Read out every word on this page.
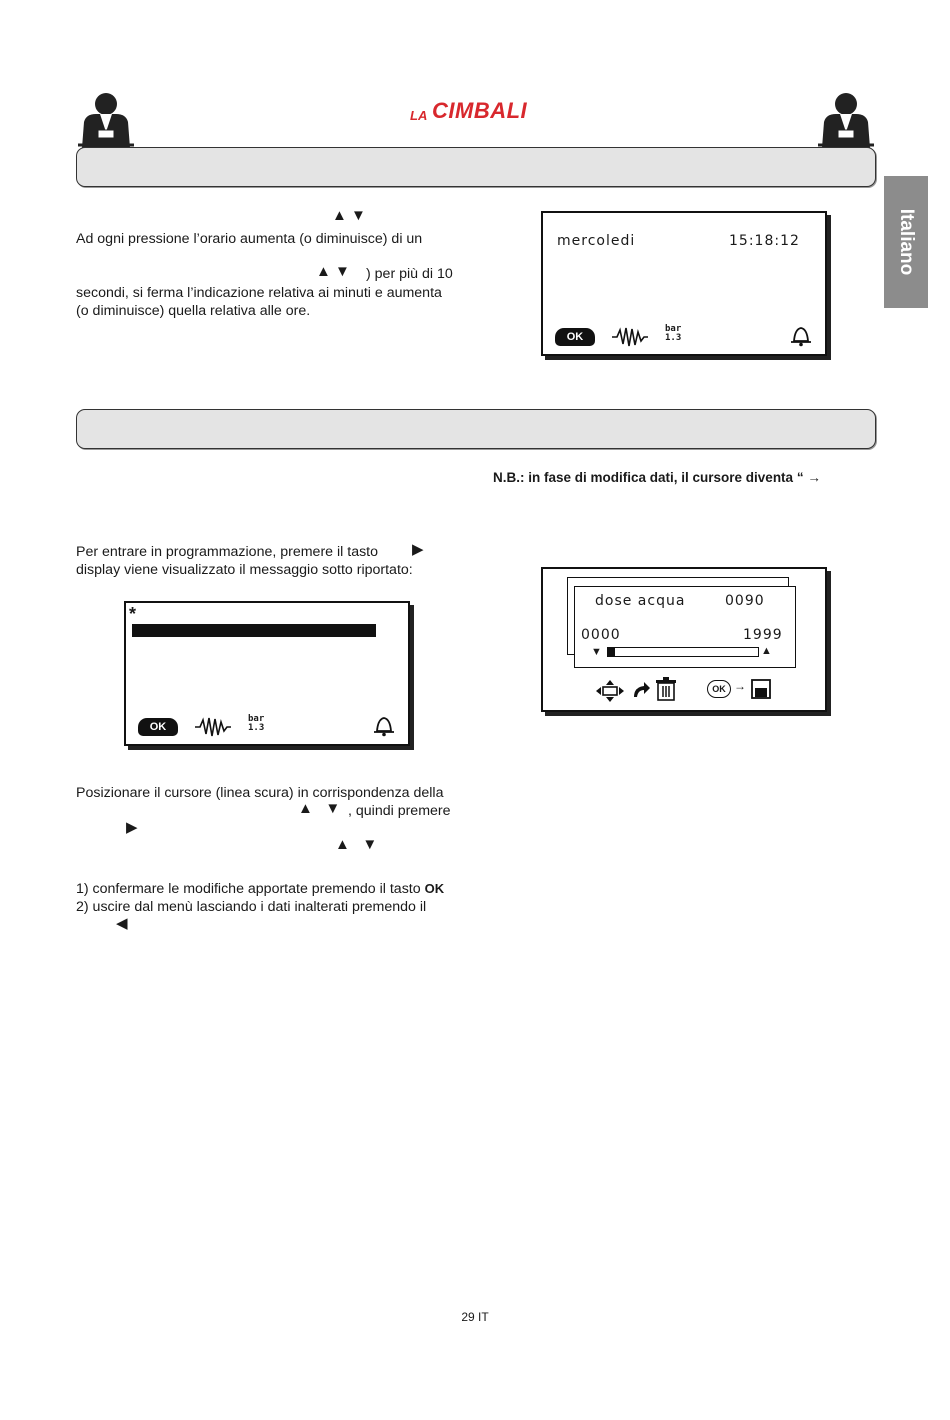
LA CIMBALI
Italiano
▲ ▼
Ad ogni pressione l’orario aumenta (o diminuisce) di un
▲ ▼ ) per più di 10
secondi, si ferma l’indicazione relativa ai minuti e aumenta
(o diminuisce) quella relativa alle ore.
mercoledi	15:18:12
OK
bar
1.3
N.B.: in fase di modifica dati, il cursore diventa “ →
Per entrare in programmazione, premere il tasto ▶
display viene visualizzato il messaggio sotto riportato:
*
OK
bar
1.3
dose acqua	0090
0000	1999
▼	▲
OK →
Posizionare il cursore (linea scura) in corrispondenza della
▲   ▼ , quindi premere
▶
▲   ▼
1) confermare le modifiche apportate premendo il tasto OK
2) uscire dal menù lasciando i dati inalterati premendo il
◀
29 IT
